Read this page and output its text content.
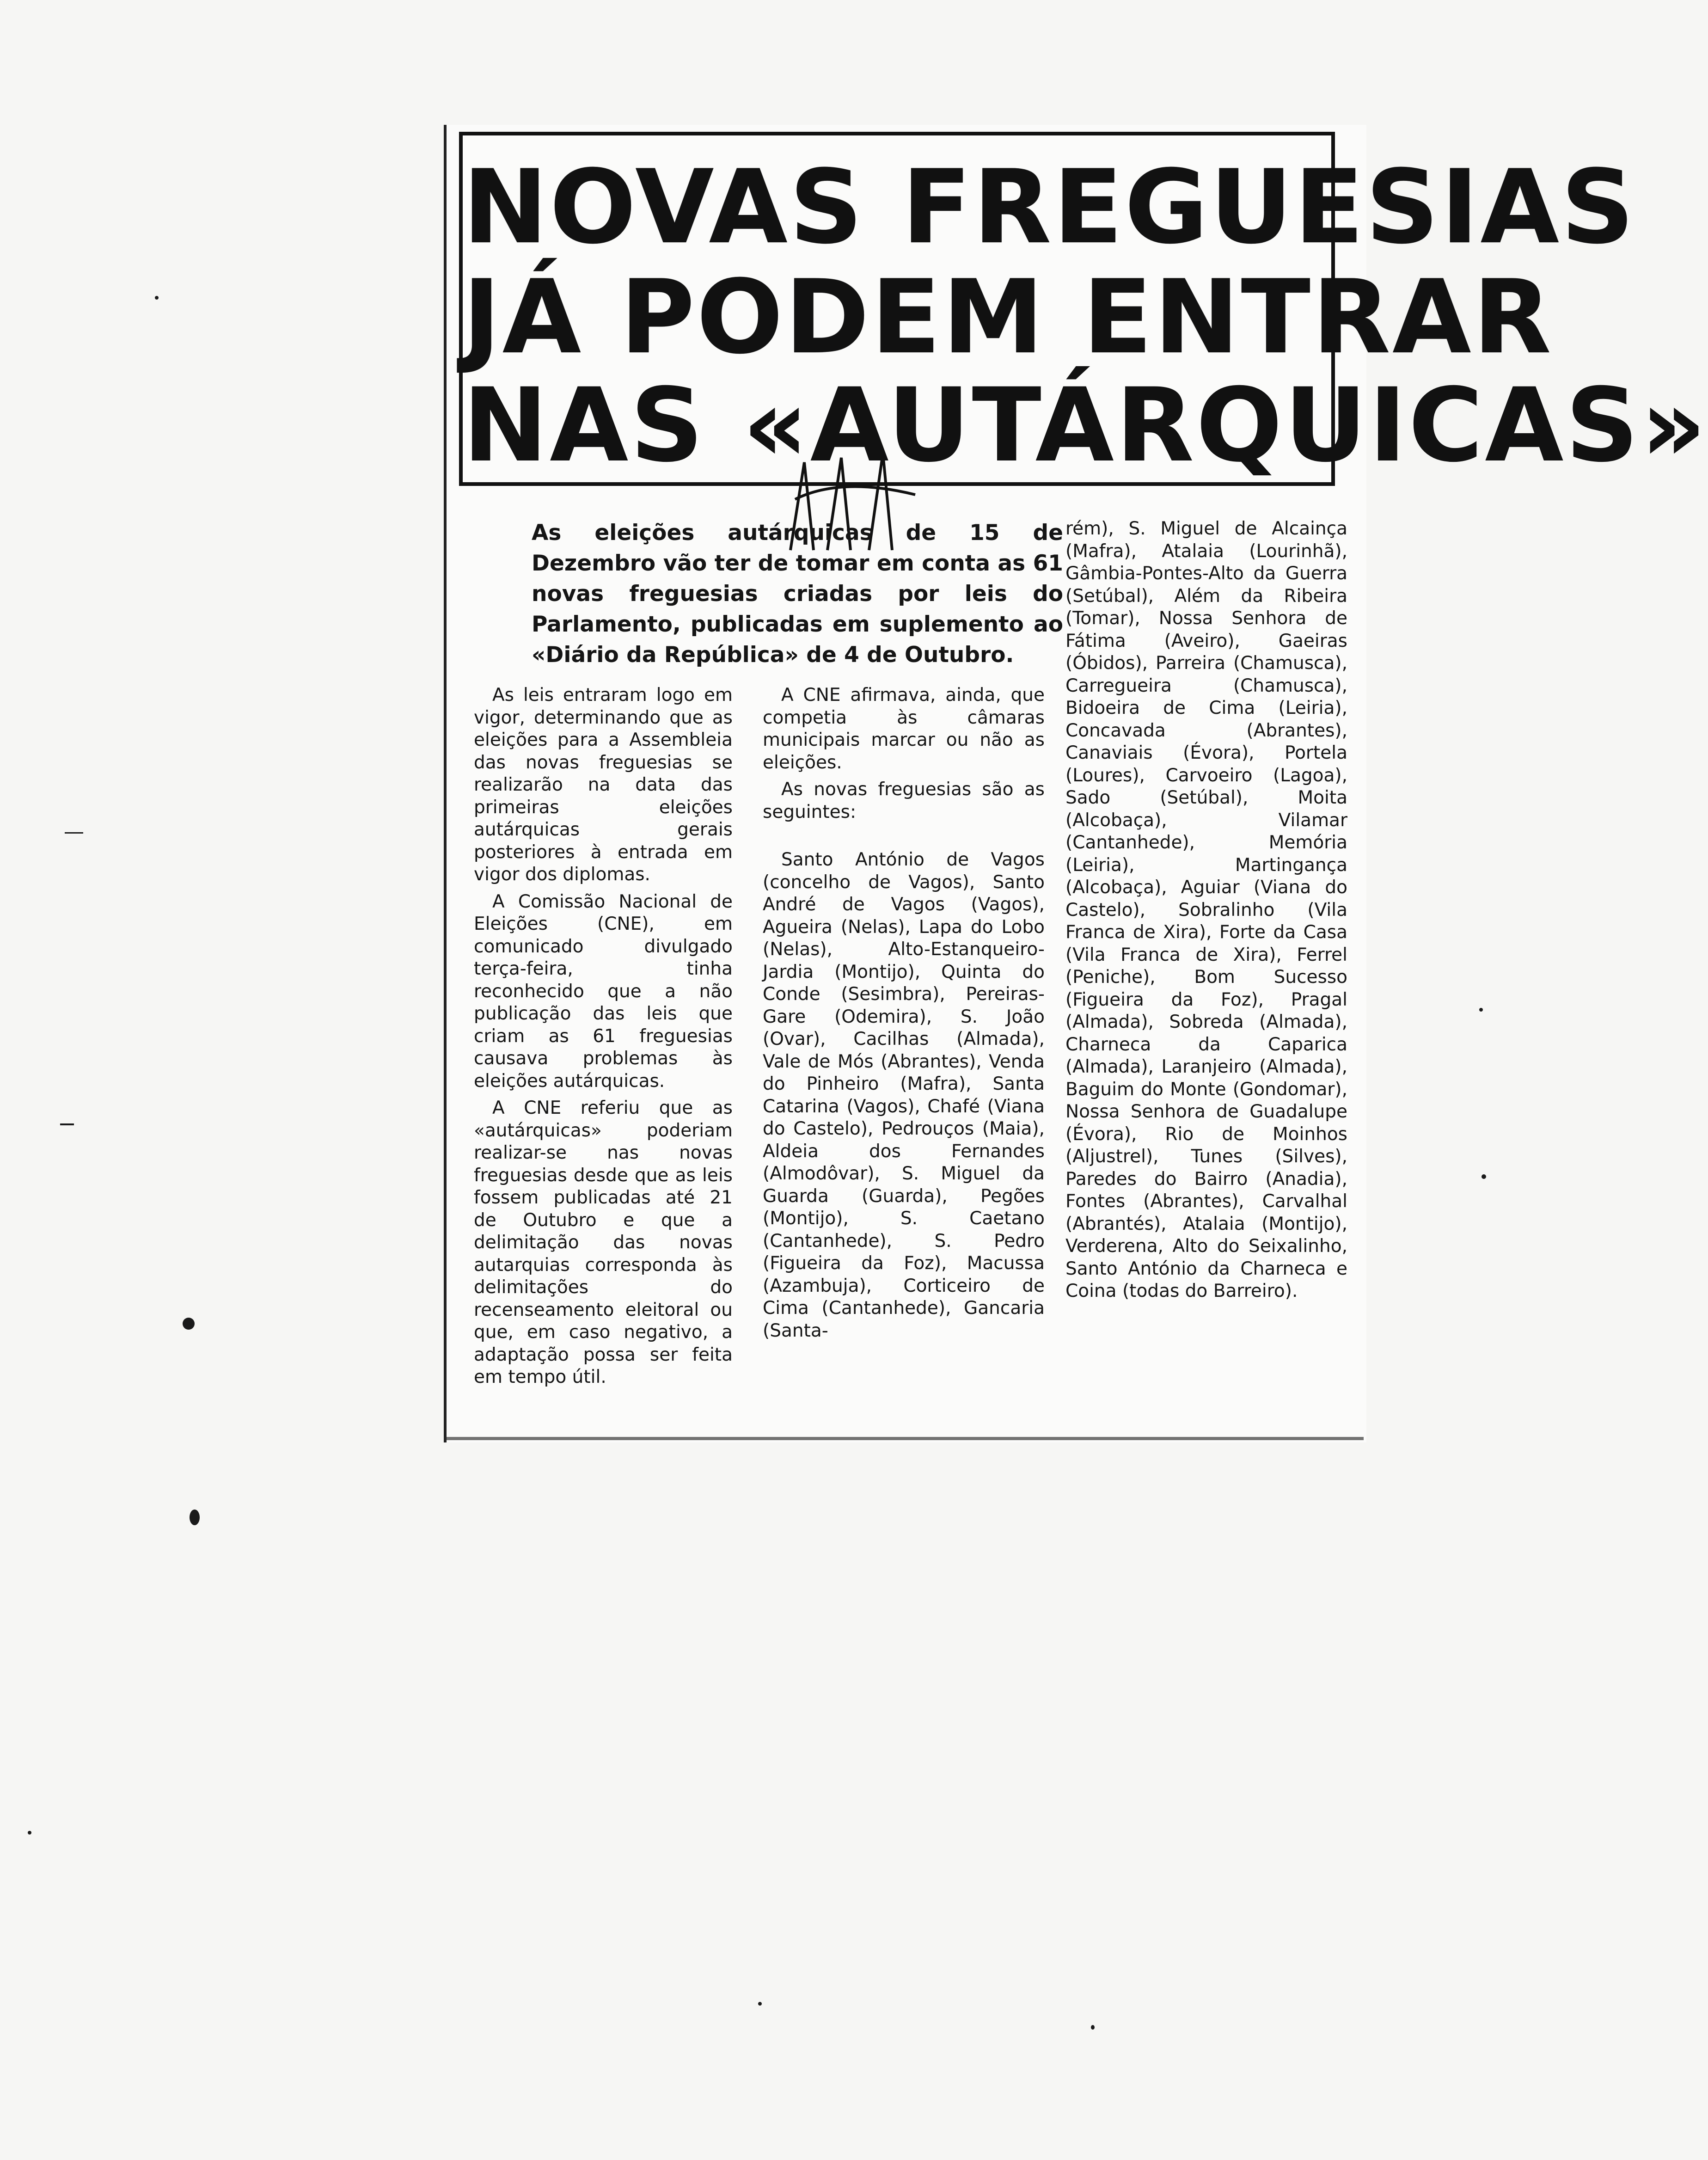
NOVAS FREGUESIAS
JÁ PODEM ENTRAR
NAS «AUTÁRQUICAS»
As eleições autárquicas de 15 de Dezembro vão ter de tomar em conta as 61 novas freguesias criadas por leis do Parlamento, publicadas em suplemento ao «Diário da República» de 4 de Outubro.

As leis entraram logo em vigor, determinando que as eleições para a Assembleia das novas freguesias se realizarão na data das primeiras eleições autárquicas gerais posteriores à entrada em vigor dos diplomas.

A Comissão Nacional de Eleições (CNE), em comunicado divulgado terça-feira, tinha reconhecido que a não publicação das leis que criam as 61 freguesias causava problemas às eleições autárquicas.

A CNE referiu que as «autárquicas» poderiam realizar-se nas novas freguesias desde que as leis fossem publicadas até 21 de Outubro e que a delimitação das novas autarquias corresponda às delimitações do recenseamento eleitoral ou que, em caso negativo, a adaptação possa ser feita em tempo útil.

A CNE afirmava, ainda, que competia às câmaras municipais marcar ou não as eleições.

As novas freguesias são as seguintes:

Santo António de Vagos (concelho de Vagos), Santo André de Vagos (Vagos), Agueira (Nelas), Lapa do Lobo (Nelas), Alto-Estanqueiro-Jardia (Montijo), Quinta do Conde (Sesimbra), Pereiras-Gare (Odemira), S. João (Ovar), Cacilhas (Almada), Vale de Mós (Abrantes), Venda do Pinheiro (Mafra), Santa Catarina (Vagos), Chafé (Viana do Castelo), Pedrouços (Maia), Aldeia dos Fernandes (Almodôvar), S. Miguel da Guarda (Guarda), Pegões (Montijo), S. Caetano (Cantanhede), S. Pedro (Figueira da Foz), Macussa (Azambuja), Corticeiro de Cima (Cantanhede), Gancaria (Santa-

rém), S. Miguel de Alcainça (Mafra), Atalaia (Lourinhã), Gâmbia-Pontes-Alto da Guerra (Setúbal), Além da Ribeira (Tomar), Nossa Senhora de Fátima (Aveiro), Gaeiras (Óbidos), Parreira (Chamusca), Carregueira (Chamusca), Bidoeira de Cima (Leiria), Concavada (Abrantes), Canaviais (Évora), Portela (Loures), Carvoeiro (Lagoa), Sado (Setúbal), Moita (Alcobaça), Vilamar (Cantanhede), Memória (Leiria), Martingança (Alcobaça), Aguiar (Viana do Castelo), Sobralinho (Vila Franca de Xira), Forte da Casa (Vila Franca de Xira), Ferrel (Peniche), Bom Sucesso (Figueira da Foz), Pragal (Almada), Sobreda (Almada), Charneca da Caparica (Almada), Laranjeiro (Almada), Baguim do Monte (Gondomar), Nossa Senhora de Guadalupe (Évora), Rio de Moinhos (Aljustrel), Tunes (Silves), Paredes do Bairro (Anadia), Fontes (Abrantes), Carvalhal (Abrantés), Atalaia (Montijo), Verderena, Alto do Seixalinho, Santo António da Charneca e Coina (todas do Barreiro).
